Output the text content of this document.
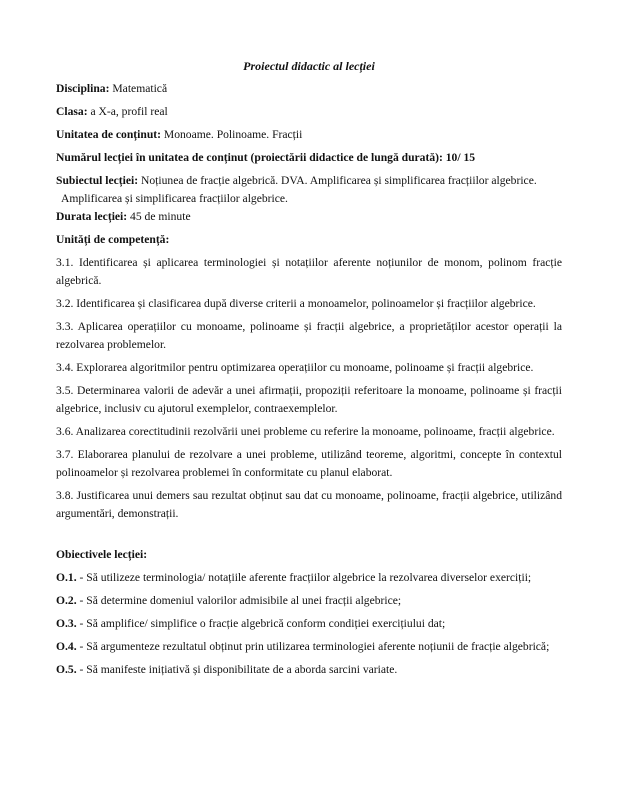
Proiectul didactic al lecției

Disciplina: Matematică

Clasa: a X-a, profil real

Unitatea de conținut: Monoame. Polinoame. Fracții

Numărul lecției în unitatea de conținut (proiectării didactice de lungă durată): 10/ 15

Subiectul lecției: Noțiunea de fracție algebrică. DVA. Amplificarea și simplificarea fracțiilor algebrice.

Amplificarea și simplificarea fracțiilor algebrice.

Durata lecției: 45 de minute

Unități de competență:

3.1. Identificarea și aplicarea terminologiei și notațiilor aferente noțiunilor de monom, polinom fracție algebrică.

3.2. Identificarea și clasificarea după diverse criterii a monoamelor, polinoamelor și fracțiilor algebrice.

3.3. Aplicarea operațiilor cu monoame, polinoame și fracții algebrice, a proprietăților acestor operații la rezolvarea problemelor.

3.4. Explorarea algoritmilor pentru optimizarea operațiilor cu monoame, polinoame și fracții algebrice.

3.5. Determinarea valorii de adevăr a unei afirmații, propoziții referitoare la monoame, polinoame și fracții algebrice, inclusiv cu ajutorul exemplelor, contraexemplelor.

3.6. Analizarea corectitudinii rezolvării unei probleme cu referire la monoame, polinoame, fracții algebrice.

3.7. Elaborarea planului de rezolvare a unei probleme, utilizând teoreme, algoritmi, concepte în contextul polinoamelor și rezolvarea problemei în conformitate cu planul elaborat.

3.8. Justificarea unui demers sau rezultat obținut sau dat cu monoame, polinoame, fracții algebrice, utilizând argumentări, demonstrații.

Obiectivele lecției:

O.1. - Să utilizeze terminologia/ notațiile aferente fracțiilor algebrice la rezolvarea diverselor exerciții;

O.2. - Să determine domeniul valorilor admisibile al unei fracții algebrice;

O.3. - Să amplifice/ simplifice o fracție algebrică conform condiției exercițiului dat;

O.4. - Să argumenteze rezultatul obținut prin utilizarea terminologiei aferente noțiunii de fracție algebrică;

O.5. - Să manifeste inițiativă și disponibilitate de a aborda sarcini variate.
